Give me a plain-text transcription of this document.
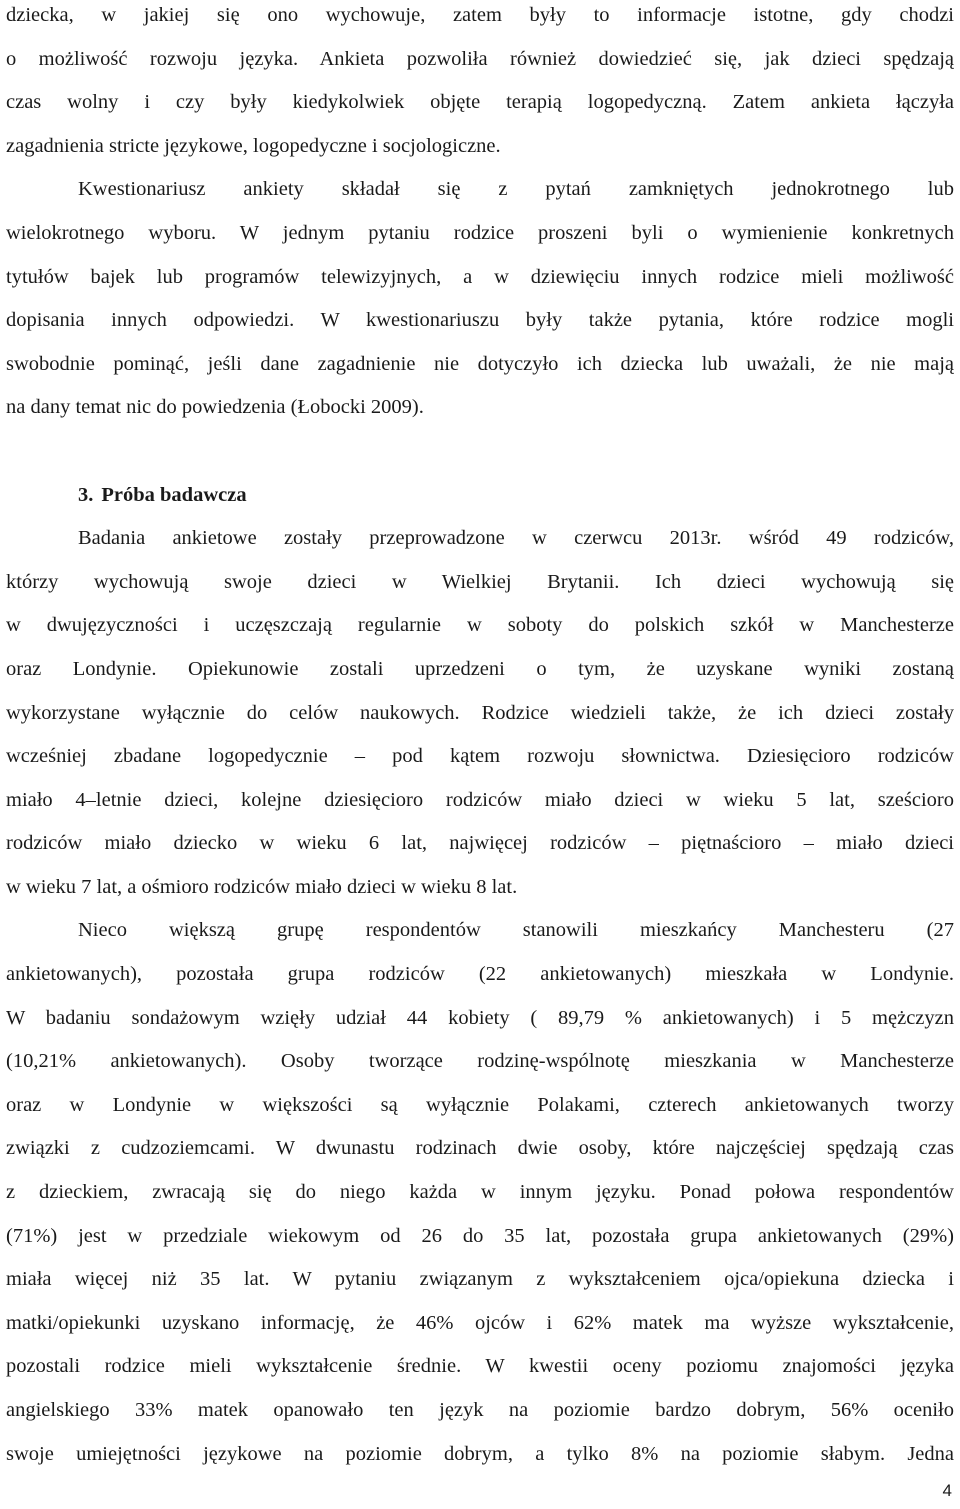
dziecka, w jakiej się ono wychowuje, zatem były to informacje istotne, gdy chodzi
o możliwość rozwoju języka. Ankieta pozwoliła również dowiedzieć się, jak dzieci spędzają
czas wolny i czy były kiedykolwiek objęte terapią logopedyczną. Zatem ankieta łączyła
zagadnienia stricte językowe, logopedyczne i socjologiczne.
Kwestionariusz ankiety składał się z pytań zamkniętych jednokrotnego lub
wielokrotnego wyboru. W jednym pytaniu rodzice proszeni byli o wymienienie konkretnych
tytułów bajek lub programów telewizyjnych, a w dziewięciu innych rodzice mieli możliwość
dopisania innych odpowiedzi. W kwestionariuszu były także pytania, które rodzice mogli
swobodnie pominąć, jeśli dane zagadnienie nie dotyczyło ich dziecka lub uważali, że nie mają
na dany temat nic do powiedzenia (Łobocki 2009).
3. Próba badawcza
Badania ankietowe zostały przeprowadzone w czerwcu 2013r. wśród 49 rodziców,
którzy wychowują swoje dzieci w Wielkiej Brytanii. Ich dzieci wychowują się
w dwujęzyczności i uczęszczają regularnie w soboty do polskich szkół w Manchesterze
oraz Londynie. Opiekunowie zostali uprzedzeni o tym, że uzyskane wyniki zostaną
wykorzystane wyłącznie do celów naukowych. Rodzice wiedzieli także, że ich dzieci zostały
wcześniej zbadane logopedycznie – pod kątem rozwoju słownictwa. Dziesięcioro rodziców
miało 4–letnie dzieci, kolejne dziesięcioro rodziców miało dzieci w wieku 5 lat, sześcioro
rodziców miało dziecko w wieku 6 lat, najwięcej rodziców – piętnaścioro – miało dzieci
w wieku 7 lat, a ośmioro rodziców miało dzieci w wieku 8 lat.
Nieco większą grupę respondentów stanowili mieszkańcy Manchesteru (27
ankietowanych), pozostała grupa rodziców (22 ankietowanych) mieszkała w Londynie.
W badaniu sondażowym wzięły udział 44 kobiety ( 89,79 % ankietowanych) i 5 mężczyzn
(10,21% ankietowanych). Osoby tworzące rodzinę-wspólnotę mieszkania w Manchesterze
oraz w Londynie w większości są wyłącznie Polakami, czterech ankietowanych tworzy
związki z cudzoziemcami. W dwunastu rodzinach dwie osoby, które najczęściej spędzają czas
z dzieckiem, zwracają się do niego każda w innym języku. Ponad połowa respondentów
(71%) jest w przedziale wiekowym od 26 do 35 lat, pozostała grupa ankietowanych (29%)
miała więcej niż 35 lat. W pytaniu związanym z wykształceniem ojca/opiekuna dziecka i
matki/opiekunki uzyskano informację, że 46% ojców i 62% matek ma wyższe wykształcenie,
pozostali rodzice mieli wykształcenie średnie. W kwestii oceny poziomu znajomości języka
angielskiego 33% matek opanowało ten język na poziomie bardzo dobrym, 56% oceniło
swoje umiejętności językowe na poziomie dobrym, a tylko 8% na poziomie słabym. Jedna
4
